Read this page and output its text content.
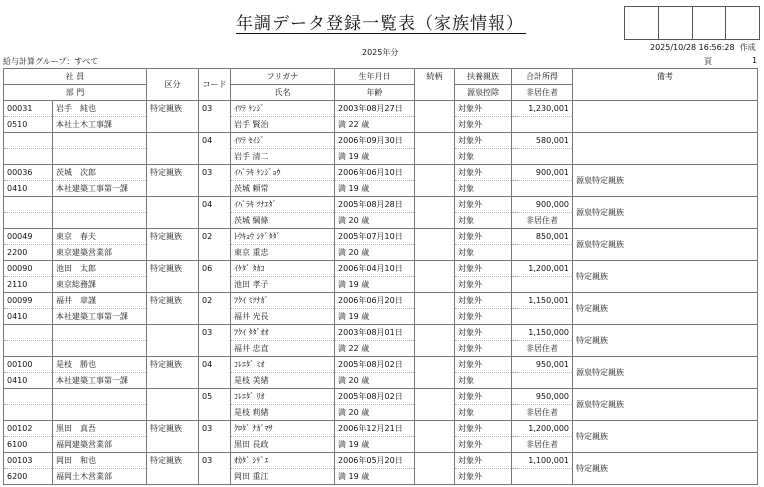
年調データ登録一覧表（家族情報）
2025年分
2025/10/28 16:56:28 作成
給与計算グループ：すべて	頁	1
社 員		区分	コード	フリガナ	生年月日	続柄	扶養親族	合計所得	備考
部 門				氏名	年齢		源泉控除	非居住者	
00031	岩手　純也	特定親族	03	ｲﾜﾃ ｹﾝｼﾞ	2003年08月27日		対象外	1,230,001	
0510	本社土木工事課			岩手 賢治	満 22 歳		対象外		
			04	ｲﾜﾃ ｾｲｼﾞ	2006年09月30日		対象外	580,001	
				岩手 清二	満 19 歳		対象		
00036	茨城　次郎	特定親族	03	ｲﾊﾞﾗｷ ｹﾝｼﾞｮｳ	2006年06月10日		対象外	900,001	源泉特定親族
0410	本社建築工事第一課			茨城 頼常	満 19 歳		対象		
			04	ｲﾊﾞﾗｷ ﾂﾅｴﾀﾞ	2005年08月28日		対象外	900,000	源泉特定親族
				茨城 綱條	満 20 歳		対象	非居住者	
00049	東京　春夫	特定親族	02	ﾄｳｷｮｳ ｼｹﾞﾀﾀﾞ	2005年07月10日		対象外	850,001	源泉特定親族
2200	東京建築営業部			東京 重忠	満 20 歳		対象		
00090	池田　太郎	特定親族	06	ｲｹﾀﾞ ﾀｶｺ	2006年04月10日		対象外	1,200,001	特定親族
2110	東京総務課			池田 孝子	満 19 歳		対象外		
00099	福井　章謹	特定親族	02	ﾌｸｲ ﾐﾂﾅｶﾞ	2006年06月20日		対象外	1,150,001	特定親族
0410	本社建築工事第一課			福井 光長	満 19 歳		対象外		
			03	ﾌｸｲ ﾀﾀﾞｵｵ	2003年08月01日		対象外	1,150,000	特定親族
				福井 忠直	満 22 歳		対象外	非居住者	
00100	是枝　勝也	特定親族	04	ｺﾚｴﾀﾞ ﾐｵ	2005年08月02日		対象外	950,001	源泉特定親族
0410	本社建築工事第一課			是枝 美緒	満 20 歳		対象		
			05	ｺﾚｴﾀﾞ ﾘｵ	2005年08月02日		対象外	950,000	源泉特定親族
				是枝 莉緒	満 20 歳		対象	非居住者	
00102	黒田　真吾	特定親族	03	ｸﾛﾀﾞ ﾅｶﾞﾏｻ	2006年12月21日		対象外	1,200,000	特定親族
6100	福岡建築営業部			黒田 長政	満 19 歳		対象外	非居住者	
00103	岡田　和也	特定親族	03	ｵｶﾀﾞ ｼｹﾞｴ	2006年05月20日		対象外	1,100,001	特定親族
6200	福岡土木営業部			岡田 重江	満 19 歳		対象外		
